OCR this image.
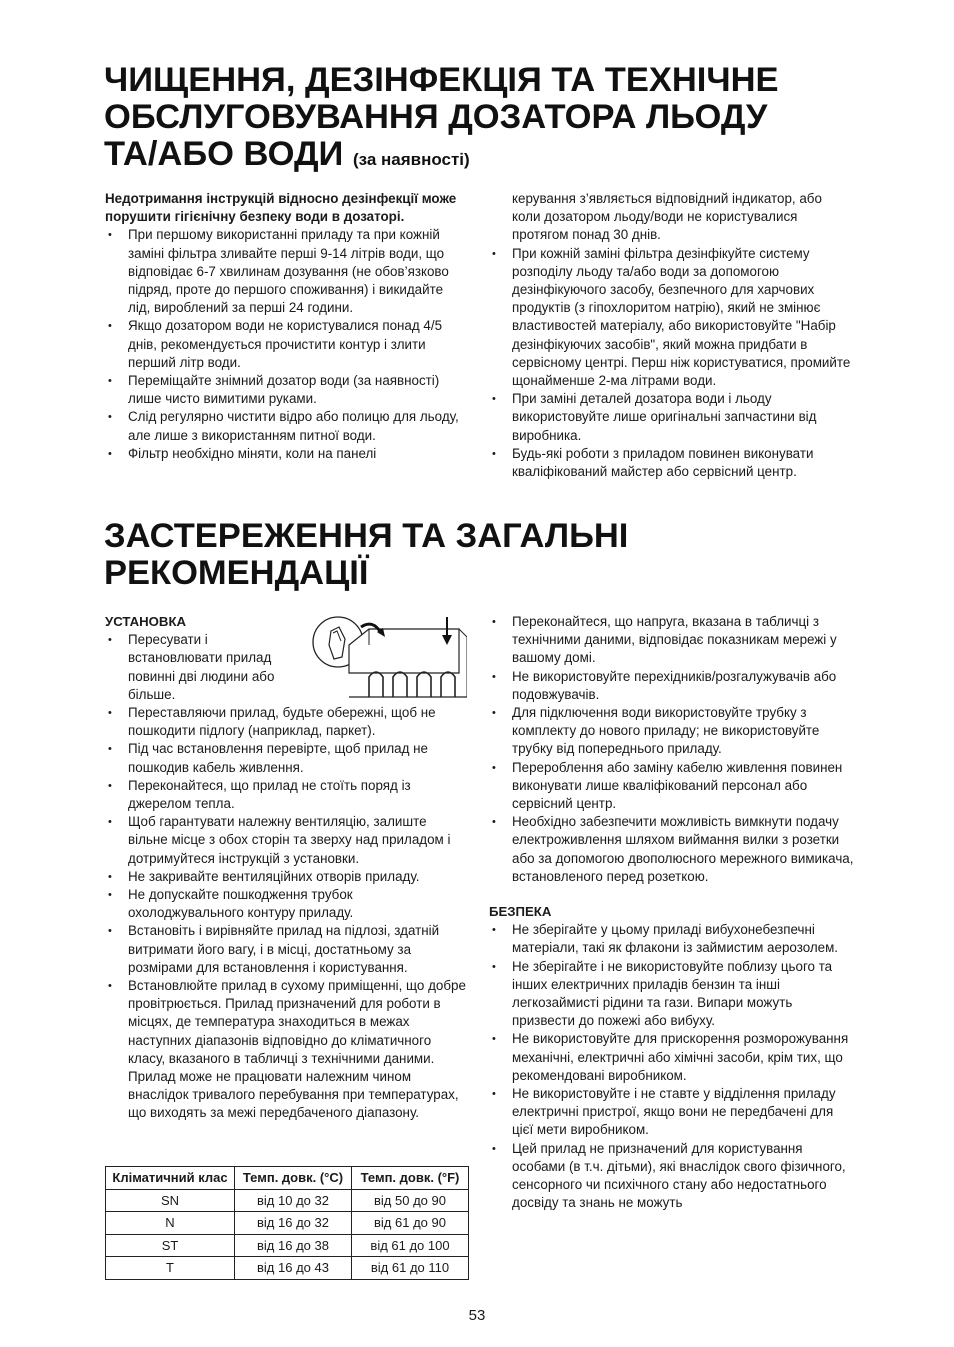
ЧИЩЕННЯ, ДЕЗІНФЕКЦІЯ ТА ТЕХНІЧНЕ
ОБСЛУГОВУВАННЯ ДОЗАТОРА ЛЬОДУ
ТА/АБО ВОДИ (за наявності)

Недотримання інструкцій відносно дезінфекції може порушити гігієнічну безпеку води в дозаторі.

• При першому використанні приладу та при кожній заміні фільтра зливайте перші 9-14 літрів води, що відповідає 6-7 хвилинам дозування (не обов’язково підряд, проте до першого споживання) і викидайте лід, вироблений за перші 24 години.
• Якщо дозатором води не користувалися понад 4/5 днів, рекомендується прочистити контур і злити перший літр води.
• Переміщайте знімний дозатор води (за наявності) лише чисто вимитими руками.
• Слід регулярно чистити відро або полицю для льоду, але лише з використанням питної води.
• Фільтр необхідно міняти, коли на панелі

керування з’являється відповідний індикатор, або коли дозатором льоду/води не користувалися протягом понад 30 днів.

• При кожній заміні фільтра дезінфікуйте систему розподілу льоду та/або води за допомогою дезінфікуючого засобу, безпечного для харчових продуктів (з гіпохлоритом натрію), який не змінює властивостей матеріалу, або використовуйте "Набір дезінфікуючих засобів", який можна придбати в сервісному центрі. Перш ніж користуватися, промийте щонайменше 2-ма літрами води.
• При заміні деталей дозатора води і льоду використовуйте лише оригінальні запчастини від виробника.
• Будь-які роботи з приладом повинен виконувати кваліфікований майстер або сервісний центр.
ЗАСТЕРЕЖЕННЯ ТА ЗАГАЛЬНІ
РЕКОМЕНДАЦІЇ

УСТАНОВКА

• Пересувати і встановлювати прилад повинні дві людини або більше.
• Переставляючи прилад, будьте обережні, щоб не пошкодити підлогу (наприклад, паркет).
• Під час встановлення перевірте, щоб прилад не пошкодив кабель живлення.
• Переконайтеся, що прилад не стоїть поряд із джерелом тепла.
• Щоб гарантувати належну вентиляцію, залиште вільне місце з обох сторін та зверху над приладом і дотримуйтеся інструкцій з установки.
• Не закривайте вентиляційних отворів приладу.
• Не допускайте пошкодження трубок охолоджувального контуру приладу.
• Встановіть і вирівняйте прилад на підлозі, здатній витримати його вагу, і в місці, достатньому за розмірами для встановлення і користування.
• Встановлюйте прилад в сухому приміщенні, що добре провітрюється. Прилад призначений для роботи в місцях, де температура знаходиться в межах наступних діапазонів відповідно до кліматичного класу, вказаного в табличці з технічними даними. Прилад може не працювати належним чином внаслідок тривалого перебування при температурах, що виходять за межі передбаченого діапазону.
Кліматичний клас	Темп. довк. (°C)	Темп. довк. (°F)
SN	від 10 до 32	від 50 до 90
N	від 16 до 32	від 61 до 90
ST	від 16 до 38	від 61 до 100
T	від 16 до 43	від 61 до 110
• Переконайтеся, що напруга, вказана в табличці з технічними даними, відповідає показникам мережі у вашому домі.
• Не використовуйте перехідників/розгалужувачів або подовжувачів.
• Для підключення води використовуйте трубку з комплекту до нового приладу; не використовуйте трубку від попереднього приладу.
• Перероблення або заміну кабелю живлення повинен виконувати лише кваліфікований персонал або сервісний центр.
• Необхідно забезпечити можливість вимкнути подачу електроживлення шляхом виймання вилки з розетки або за допомогою двополюсного мережного вимикача, встановленого перед розеткою.

БЕЗПЕКА

• Не зберігайте у цьому приладі вибухонебезпечні матеріали, такі як флакони із займистим аерозолем.
• Не зберігайте і не використовуйте поблизу цього та інших електричних приладів бензин та інші легкозаймисті рідини та гази. Випари можуть призвести до пожежі або вибуху.
• Не використовуйте для прискорення розморожування механічні, електричні або хімічні засоби, крім тих, що рекомендовані виробником.
• Не використовуйте і не ставте у відділення приладу електричні пристрої, якщо вони не передбачені для цієї мети виробником.
• Цей прилад не призначений для користування особами (в т.ч. дітьми), які внаслідок свого фізичного, сенсорного чи психічного стану або недостатнього досвіду та знань не можуть
53
